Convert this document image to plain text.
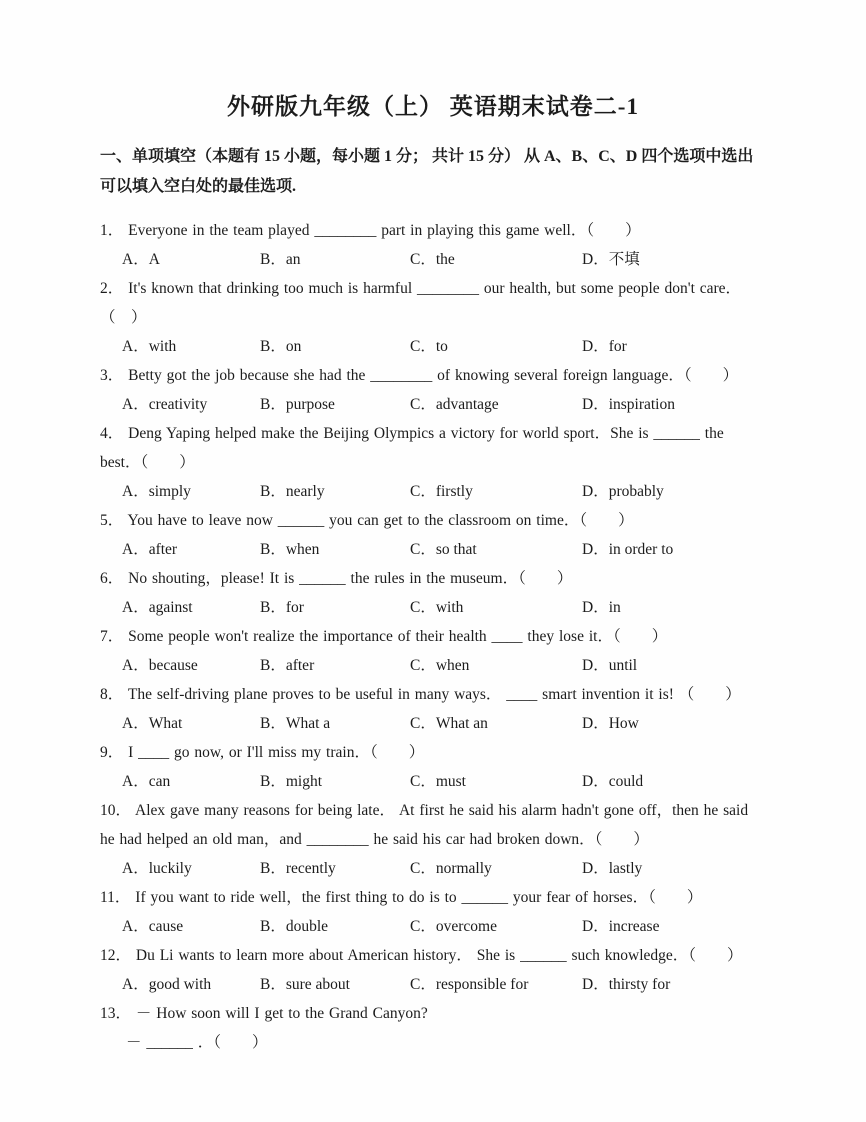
外研版九年级（上） 英语期末试卷二-1

一、单项填空（本题有 15 小题，每小题 1 分； 共计 15 分） 从 A、B、C、D 四个选项中选出可以填入空白处的最佳选项.

1． Everyone in the team played ________ part in playing this game well．（　　）

A．A	B．an	C．the	D．不填

2． It's known that drinking too much is harmful ________ our health, but some people don't care．（　）

A．with	B．on	C．to	D．for

3． Betty got the job because she had the ________ of knowing several foreign language．（　　）

A．creativity	B．purpose	C．advantage	D．inspiration

4． Deng Yaping helped make the Beijing Olympics a victory for world sport．She is ______ the best．（　　）

A．simply	B．nearly	C．firstly	D．probably

5． You have to leave now ______ you can get to the classroom on time．（　　）

A．after	B．when	C．so that	D．in order to

6． No shouting，please! It is ______ the rules in the museum．（　　）

A．against	B．for	C．with	D．in

7． Some people won't realize the importance of their health ____ they lose it．（　　）

A．because	B．after	C．when	D．until

8． The self-driving plane proves to be useful in many ways． ____ smart invention it is! （　　）

A．What	B．What a	C．What an	D．How

9． I ____ go now, or I'll miss my train．（　　）

A．can	B．might	C．must	D．could

10． Alex gave many reasons for being late． At first he said his alarm hadn't gone off，then he said he had helped an old man，and ________ he said his car had broken down．（　　）

A．luckily	B．recently	C．normally	D．lastly

11． If you want to ride well，the first thing to do is to ______ your fear of horses．（　　）

A．cause	B．double	C．overcome	D．increase

12． Du Li wants to learn more about American history． She is ______ such knowledge．（　　）

A．good with	B．sure about	C．responsible for	D．thirsty for

13． － How soon will I get to the Grand Canyon?

－ ______ ．（　　）
